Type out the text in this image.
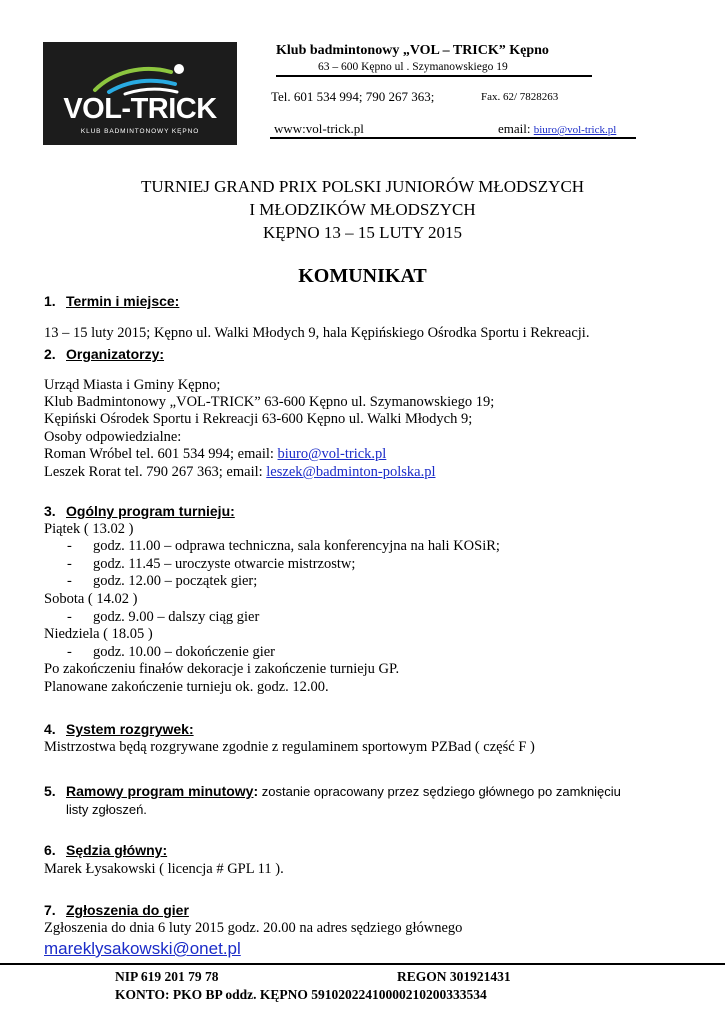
VOL-TRICK
KLUB BADMINTONOWY KĘPNO
Klub badmintonowy „VOL – TRICK” Kępno
63 – 600 Kępno ul . Szymanowskiego 19
Tel. 601 534 994; 790 267 363;	Fax. 62/ 7828263
www:vol-trick.pl	email: biuro@vol-trick.pl
TURNIEJ GRAND PRIX POLSKI JUNIORÓW MŁODSZYCH
I MŁODZIKÓW MŁODSZYCH
KĘPNO 13 – 15 LUTY 2015
KOMUNIKAT
1. Termin i miejsce:
13 – 15 luty 2015; Kępno ul. Walki Młodych 9, hala Kępińskiego Ośrodka Sportu i Rekreacji.
2. Organizatorzy:
Urząd Miasta i Gminy Kępno;
Klub Badmintonowy „VOL-TRICK” 63-600 Kępno ul. Szymanowskiego 19;
Kępiński Ośrodek Sportu i Rekreacji 63-600 Kępno ul. Walki Młodych 9;
Osoby odpowiedzialne:
Roman Wróbel tel. 601 534 994; email: biuro@vol-trick.pl
Leszek Rorat tel. 790 267 363; email: leszek@badminton-polska.pl
3. Ogólny program turnieju:
Piątek ( 13.02 )
- godz. 11.00 – odprawa techniczna, sala konferencyjna na hali KOSiR;
- godz. 11.45 – uroczyste otwarcie mistrzostw;
- godz. 12.00 – początek gier;
Sobota ( 14.02 )
- godz. 9.00 – dalszy ciąg gier
Niedziela ( 18.05 )
- godz. 10.00 – dokończenie gier
Po zakończeniu finałów dekoracje i zakończenie turnieju GP.
Planowane zakończenie turnieju ok. godz. 12.00.
4. System rozgrywek:
Mistrzostwa będą rozgrywane zgodnie z regulaminem sportowym PZBad ( część F )
5. Ramowy program minutowy: zostanie opracowany przez sędziego głównego po zamknięciu
listy zgłoszeń.
6. Sędzia główny:
Marek Łysakowski ( licencja # GPL 11 ).
7. Zgłoszenia do gier
Zgłoszenia do dnia 6 luty 2015 godz. 20.00 na adres sędziego głównego
mareklysakowski@onet.pl
NIP 619 201 79 78	REGON 301921431
KONTO: PKO BP oddz. KĘPNO 59102022410000210200333534
